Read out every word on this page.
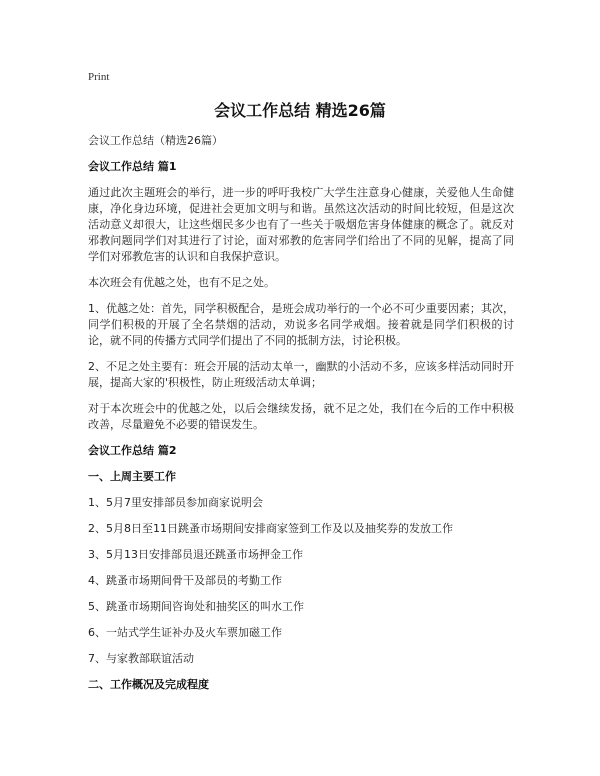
Print
会议工作总结 精选26篇
会议工作总结（精选26篇）
会议工作总结 篇1

通过此次主题班会的举行，进一步的呼吁我校广大学生注意身心健康，关爱他人生命健康，净化身边环境，促进社会更加文明与和谐。虽然这次活动的时间比较短，但是这次活动意义却很大，让这些烟民多少也有了一些关于吸烟危害身体健康的概念了。就反对邪教问题同学们对其进行了讨论，面对邪教的危害同学们给出了不同的见解，提高了同学们对邪教危害的认识和自我保护意识。

本次班会有优越之处，也有不足之处。

1、优越之处：首先，同学积极配合，是班会成功举行的一个必不可少重要因素；其次，同学们积极的开展了全名禁烟的活动，劝说多名同学戒烟。接着就是同学们积极的讨论，就不同的传播方式同学们提出了不同的抵制方法，讨论积极。

2、不足之处主要有：班会开展的活动太单一，幽默的小活动不多，应该多样活动同时开展，提高大家的'积极性，防止班级活动太单调；

对于本次班会中的优越之处，以后会继续发扬，就不足之处，我们在今后的工作中积极改善，尽量避免不必要的错误发生。

会议工作总结 篇2
一、上周主要工作
1、5月7里安排部员参加商家说明会
2、5月8日至11日跳蚤市场期间安排商家签到工作及以及抽奖券的发放工作
3、5月13日安排部员退还跳蚤市场押金工作
4、跳蚤市场期间骨干及部员的考勤工作
5、跳蚤市场期间咨询处和抽奖区的叫水工作
6、一站式学生证补办及火车票加磁工作
7、与家教部联谊活动
二、工作概况及完成程度
